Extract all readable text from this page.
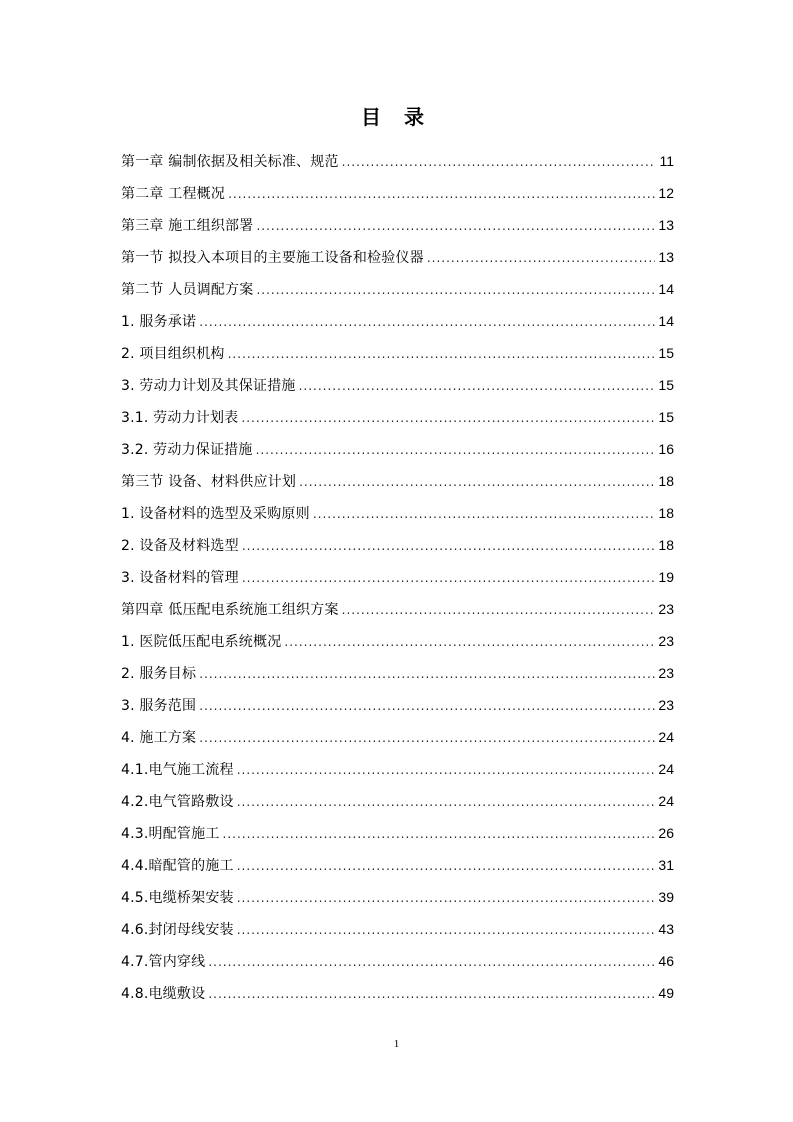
目 录
第一章 编制依据及相关标准、规范 .....	11
第二章 工程概况 .....	12
第三章 施工组织部署 .....	13
第一节 拟投入本项目的主要施工设备和检验仪器 .....	13
第二节 人员调配方案 .....	14
1. 服务承诺 .....	14
2. 项目组织机构 .....	15
3. 劳动力计划及其保证措施 .....	15
3.1. 劳动力计划表 .....	15
3.2. 劳动力保证措施 .....	16
第三节 设备、材料供应计划 .....	18
1. 设备材料的选型及采购原则 .....	18
2. 设备及材料选型 .....	18
3. 设备材料的管理 .....	19
第四章 低压配电系统施工组织方案 .....	23
1. 医院低压配电系统概况 .....	23
2. 服务目标 .....	23
3. 服务范围 .....	23
4. 施工方案 .....	24
4.1.电气施工流程 .....	24
4.2.电气管路敷设 .....	24
4.3.明配管施工 .....	26
4.4.暗配管的施工 .....	31
4.5.电缆桥架安装 .....	39
4.6.封闭母线安装 .....	43
4.7.管内穿线 .....	46
4.8.电缆敷设 .....	49
1
